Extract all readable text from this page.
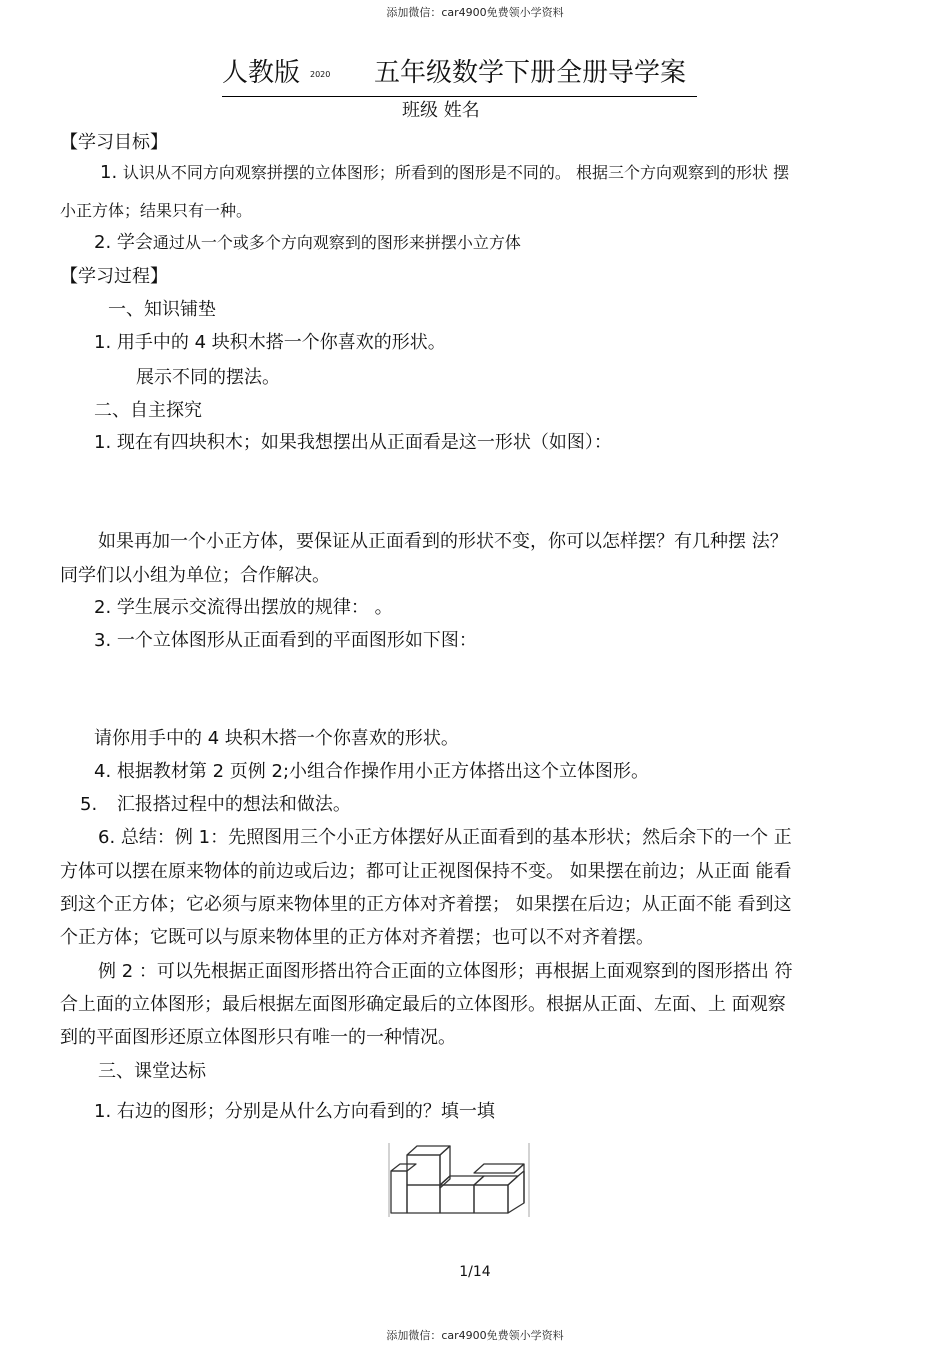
添加微信：car4900免费领小学资料
人教版 2020 五年级数学下册全册导学案
班级 姓名
【学习目标】
1. 认识从不同方向观察拼摆的立体图形；所看到的图形是不同的。 根据三个方向观察到的形状 摆
小正方体；结果只有一种。
2. 学会通过从一个或多个方向观察到的图形来拼摆小立方体
【学习过程】
一、知识铺垫
1. 用手中的 4 块积木搭一个你喜欢的形状。
展示不同的摆法。
二、自主探究
1. 现在有四块积木；如果我想摆出从正面看是这一形状（如图）：
如果再加一个小正方体，要保证从正面看到的形状不变，你可以怎样摆？有几种摆 法？
同学们以小组为单位；合作解决。
2. 学生展示交流得出摆放的规律： 。
3. 一个立体图形从正面看到的平面图形如下图：
请你用手中的 4 块积木搭一个你喜欢的形状。
4. 根据教材第 2 页例 2;小组合作操作用小正方体搭出这个立体图形。
5. 汇报搭过程中的想法和做法。
6. 总结：例 1：先照图用三个小正方体摆好从正面看到的基本形状；然后余下的一个 正
方体可以摆在原来物体的前边或后边；都可让正视图保持不变。 如果摆在前边；从正面 能看
到这个正方体；它必须与原来物体里的正方体对齐着摆； 如果摆在后边；从正面不能 看到这
个正方体；它既可以与原来物体里的正方体对齐着摆；也可以不对齐着摆。
例 2 ：可以先根据正面图形搭出符合正面的立体图形；再根据上面观察到的图形搭出 符
合上面的立体图形；最后根据左面图形确定最后的立体图形。根据从正面、左面、上 面观察
到的平面图形还原立体图形只有唯一的一种情况。
三、课堂达标
1. 右边的图形；分别是从什么方向看到的？填一填
1/14
添加微信：car4900免费领小学资料
